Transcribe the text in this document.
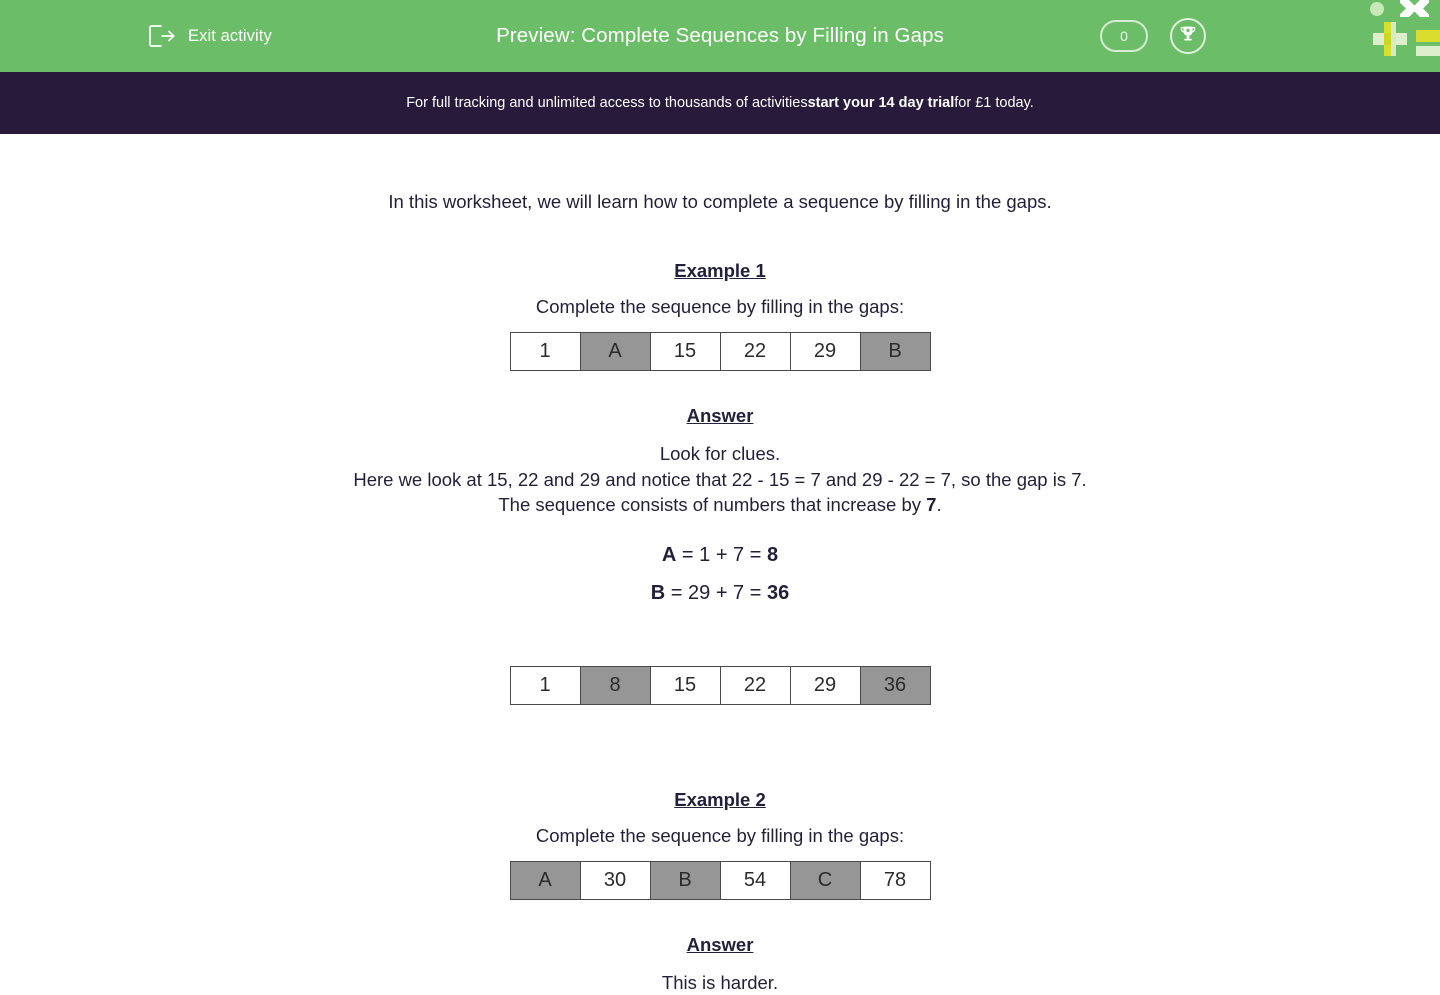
Exit activity	Preview: Complete Sequences by Filling in Gaps	0
For full tracking and unlimited access to thousands of activities start your 14 day trial for £1 today.
In this worksheet, we will learn how to complete a sequence by filling in the gaps.
Example 1
Complete the sequence by filling in the gaps:
1	A	15	22	29	B
Answer
Look for clues.
Here we look at 15, 22 and 29 and notice that 22 - 15 = 7 and 29 - 22 = 7, so the gap is 7.
The sequence consists of numbers that increase by 7.
A = 1 + 7 = 8
B = 29 + 7 = 36
1	8	15	22	29	36
Example 2
Complete the sequence by filling in the gaps:
A	30	B	54	C	78
Answer
This is harder.
